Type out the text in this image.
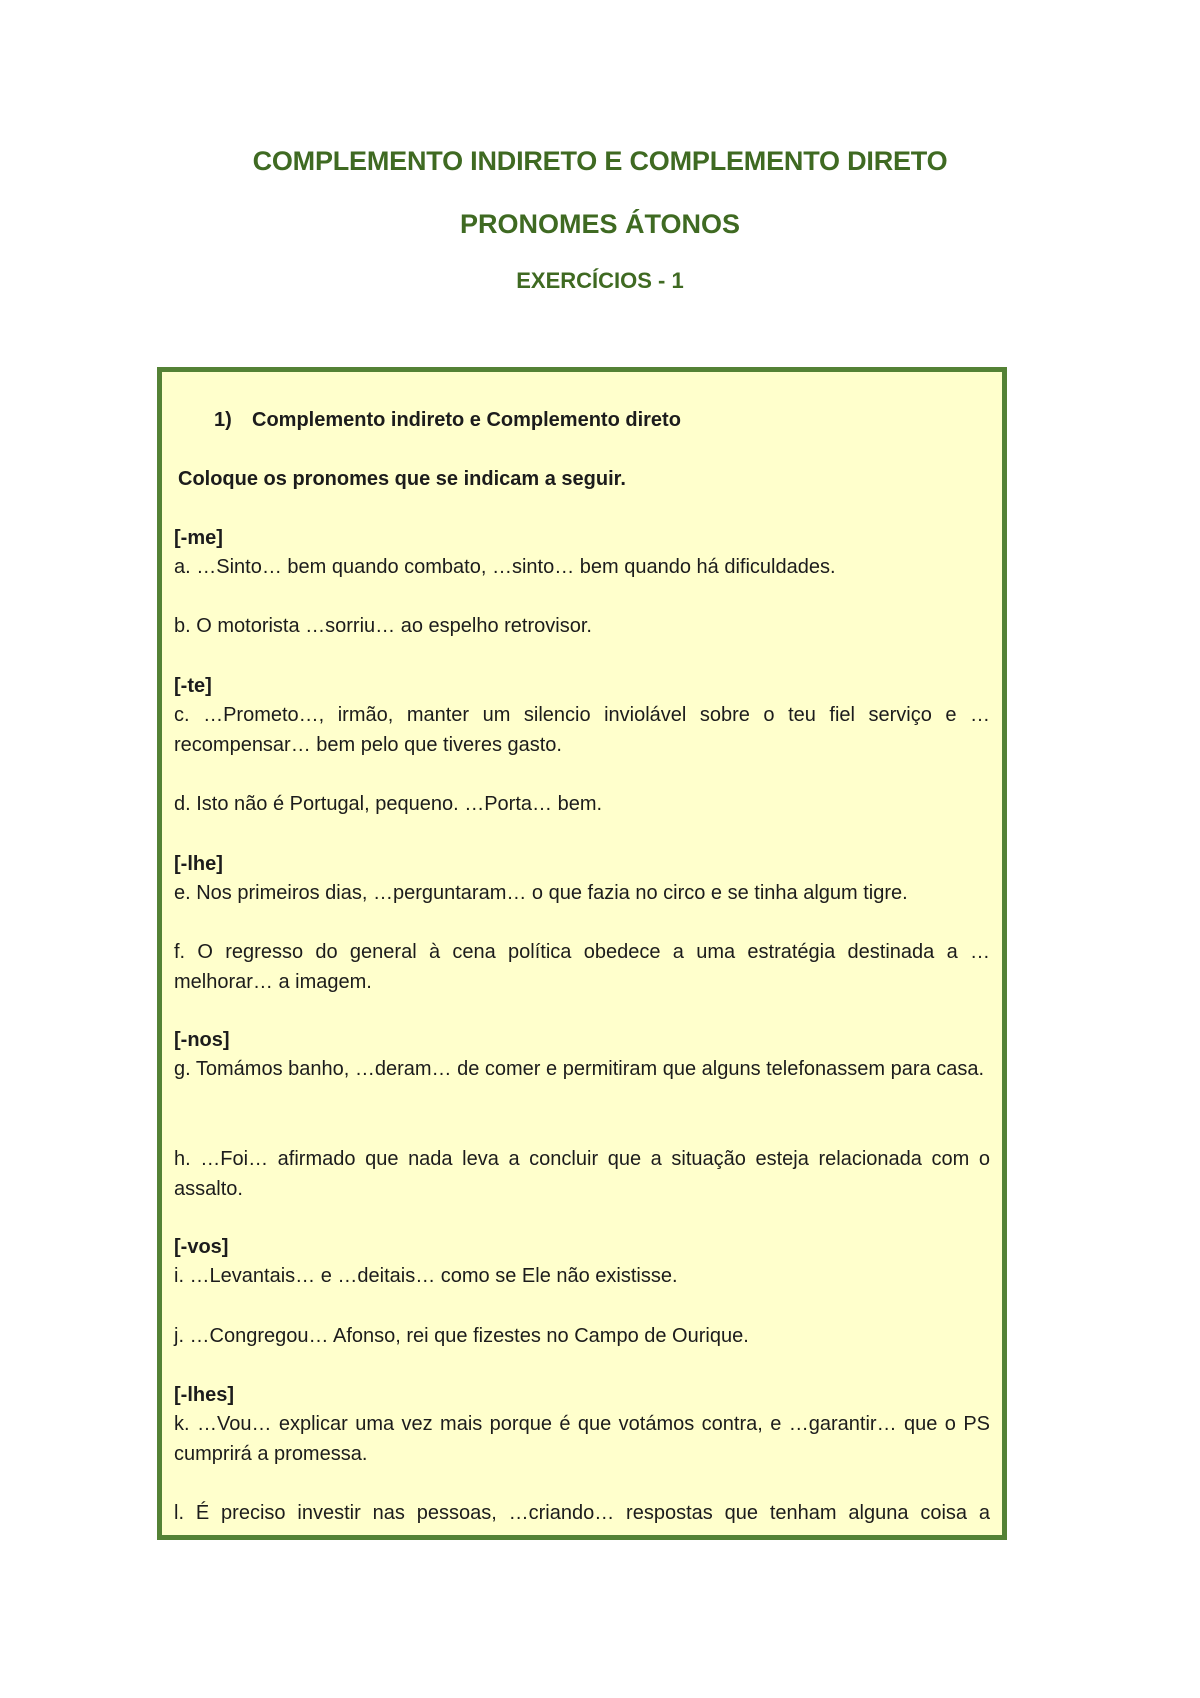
COMPLEMENTO INDIRETO E COMPLEMENTO DIRETO
PRONOMES ÁTONOS
EXERCÍCIOS - 1
1) Complemento indireto e Complemento direto
Coloque os pronomes que se indicam a seguir.
[-me]
a. …Sinto… bem quando combato, …sinto… bem quando há dificuldades.
b. O motorista …sorriu… ao espelho retrovisor.
[-te]
c. …Prometo…, irmão, manter um silencio inviolável sobre o teu fiel serviço e … recompensar… bem pelo que tiveres gasto.
d. Isto não é Portugal, pequeno. …Porta… bem.
[-lhe]
e. Nos primeiros dias, …perguntaram… o que fazia no circo e se tinha algum tigre.
f. O regresso do general à cena política obedece a uma estratégia destinada a … melhorar… a imagem.
[-nos]
g. Tomámos banho, …deram… de comer e permitiram que alguns telefonassem para casa.
h. …Foi… afirmado que nada leva a concluir que a situação esteja relacionada com o assalto.
[-vos]
i. …Levantais… e …deitais… como se Ele não existisse.
j. …Congregou… Afonso, rei que fizestes no Campo de Ourique.
[-lhes]
k. …Vou… explicar uma vez mais porque é que votámos contra, e …garantir… que o PS cumprirá a promessa.
l. É preciso investir nas pessoas, …criando… respostas que tenham alguna coisa a
